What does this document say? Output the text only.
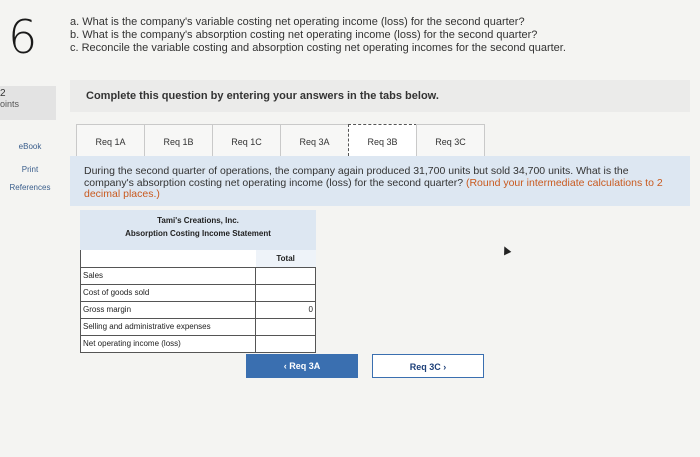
6
2
oints
eBook
Print
References
a. What is the company's variable costing net operating income (loss) for the second quarter?
b. What is the company's absorption costing net operating income (loss) for the second quarter?
c. Reconcile the variable costing and absorption costing net operating incomes for the second quarter.
Complete this question by entering your answers in the tabs below.
Req 1A	Req 1B	Req 1C	Req 3A	Req 3B	Req 3C
During the second quarter of operations, the company again produced 31,700 units but sold 34,700 units. What is the company's absorption costing net operating income (loss) for the second quarter? (Round your intermediate calculations to 2 decimal places.)
Tami's Creations, Inc.
Absorption Costing Income Statement
	Total
Sales	
Cost of goods sold	
Gross margin	0
Selling and administrative expenses	
Net operating income (loss)	
‹ Req 3A	Req 3C ›
